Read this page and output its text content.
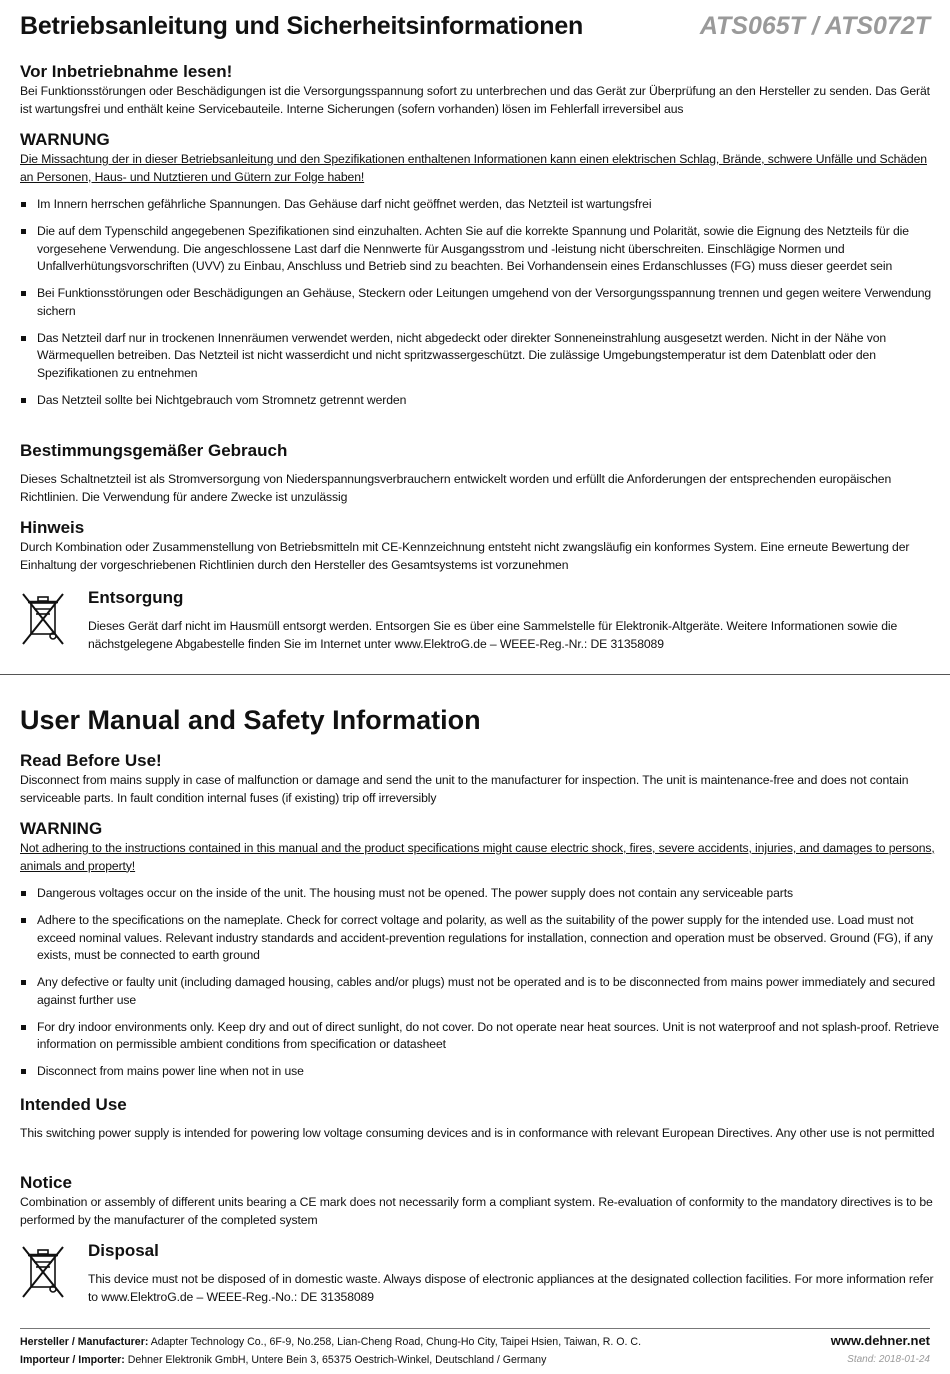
Betriebsanleitung und Sicherheitsinformationen	ATS065T / ATS072T
Vor Inbetriebnahme lesen!

Bei Funktionsstörungen oder Beschädigungen ist die Versorgungsspannung sofort zu unterbrechen und das Gerät zur Überprüfung an den Hersteller zu senden. Das Gerät ist wartungsfrei und enthält keine Servicebauteile. Interne Sicherungen (sofern vorhanden) lösen im Fehlerfall irreversibel aus

WARNUNG

Die Missachtung der in dieser Betriebsanleitung und den Spezifikationen enthaltenen Informationen kann einen elektrischen Schlag, Brände, schwere Unfälle und Schäden an Personen, Haus- und Nutztieren und Gütern zur Folge haben!

Im Innern herrschen gefährliche Spannungen. Das Gehäuse darf nicht geöffnet werden, das Netzteil ist wartungsfrei
Die auf dem Typenschild angegebenen Spezifikationen sind einzuhalten. Achten Sie auf die korrekte Spannung und Polarität, sowie die Eignung des Netzteils für die vorgesehene Verwendung. Die angeschlossene Last darf die Nennwerte für Ausgangsstrom und -leistung nicht überschreiten. Einschlägige Normen und Unfallverhütungsvorschriften (UVV) zu Einbau, Anschluss und Betrieb sind zu beachten. Bei Vorhandensein eines Erdanschlusses (FG) muss dieser geerdet sein
Bei Funktionsstörungen oder Beschädigungen an Gehäuse, Steckern oder Leitungen umgehend von der Versorgungsspannung trennen und gegen weitere Verwendung sichern
Das Netzteil darf nur in trockenen Innenräumen verwendet werden, nicht abgedeckt oder direkter Sonneneinstrahlung ausgesetzt werden. Nicht in der Nähe von Wärmequellen betreiben. Das Netzteil ist nicht wasserdicht und nicht spritzwassergeschützt. Die zulässige Umgebungstemperatur ist dem Datenblatt oder den Spezifikationen zu entnehmen
Das Netzteil sollte bei Nichtgebrauch vom Stromnetz getrennt werden
Bestimmungsgemäßer Gebrauch

Dieses Schaltnetzteil ist als Stromversorgung von Niederspannungsverbrauchern entwickelt worden und erfüllt die Anforderungen der entsprechenden europäischen Richtlinien. Die Verwendung für andere Zwecke ist unzulässig

Hinweis

Durch Kombination oder Zusammenstellung von Betriebsmitteln mit CE-Kennzeichnung entsteht nicht zwangsläufig ein konformes System. Eine erneute Bewertung der Einhaltung der vorgeschriebenen Richtlinien durch den Hersteller des Gesamtsystems ist vorzunehmen

Entsorgung

Dieses Gerät darf nicht im Hausmüll entsorgt werden. Entsorgen Sie es über eine Sammelstelle für Elektronik-Altgeräte. Weitere Informationen sowie die nächstgelegene Abgabestelle finden Sie im Internet unter www.ElektroG.de – WEEE-Reg.-Nr.: DE 31358089

User Manual and Safety Information
Read Before Use!

Disconnect from mains supply in case of malfunction or damage and send the unit to the manufacturer for inspection. The unit is maintenance-free and does not contain serviceable parts. In fault condition internal fuses (if existing) trip off irreversibly

WARNING

Not adhering to the instructions contained in this manual and the product specifications might cause electric shock, fires, severe accidents, injuries, and damages to persons, animals and property!

Dangerous voltages occur on the inside of the unit. The housing must not be opened. The power supply does not contain any serviceable parts
Adhere to the specifications on the nameplate. Check for correct voltage and polarity, as well as the suitability of the power supply for the intended use. Load must not exceed nominal values. Relevant industry standards and accident-prevention regulations for installation, connection and operation must be observed. Ground (FG), if any exists, must be connected to earth ground
Any defective or faulty unit (including damaged housing, cables and/or plugs) must not be operated and is to be disconnected from mains power immediately and secured against further use
For dry indoor environments only. Keep dry and out of direct sunlight, do not cover. Do not operate near heat sources. Unit is not waterproof and not splash-proof. Retrieve information on permissible ambient conditions from specification or datasheet
Disconnect from mains power line when not in use
Intended Use

This switching power supply is intended for powering low voltage consuming devices and is in conformance with relevant European Directives. Any other use is not permitted

Notice

Combination or assembly of different units bearing a CE mark does not necessarily form a compliant system. Re-evaluation of conformity to the mandatory directives is to be performed by the manufacturer of the completed system

Disposal

This device must not be disposed of in domestic waste. Always dispose of electronic appliances at the designated collection facilities. For more information refer to www.ElektroG.de – WEEE-Reg.-No.: DE 31358089

Hersteller / Manufacturer: Adapter Technology Co., 6F-9, No.258, Lian-Cheng Road, Chung-Ho City, Taipei Hsien, Taiwan, R. O. C.
Importeur / Importer: Dehner Elektronik GmbH, Untere Bein 3, 65375 Oestrich-Winkel, Deutschland / Germany
www.dehner.net
Stand: 2018-01-24
